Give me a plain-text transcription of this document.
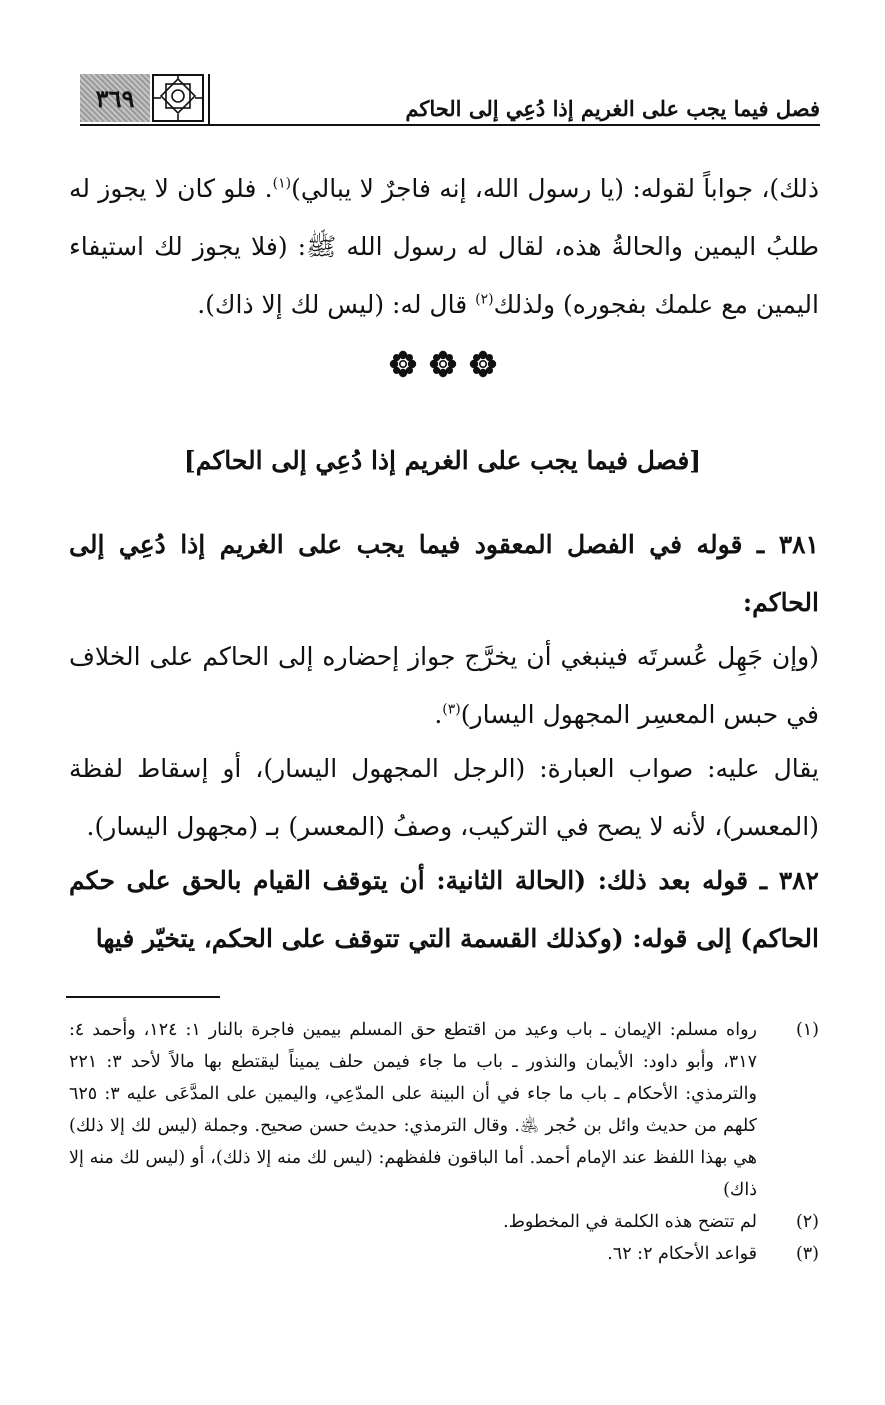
فصل فيما يجب على الغريم إذا دُعِي إلى الحاكم
٣٦٩

ذلك)، جواباً لقوله: (يا رسول الله، إنه فاجرٌ لا يبالي)$^{(١)}$. فلو كان لا يجوز له طلبُ اليمين والحالةُ هذه، لقال له رسول الله ﷺ: (فلا يجوز لك استيفاء اليمين مع علمك بفجوره) ولذلك$^{(٢)}$ قال له: (ليس لك إلا ذاك).

[فصل فيما يجب على الغريم إذا دُعِي إلى الحاكم]

٣٨١ ـ قوله في الفصل المعقود فيما يجب على الغريم إذا دُعِي إلى الحاكم:

(وإن جَهِل عُسرتَه فينبغي أن يخرَّج جواز إحضاره إلى الحاكم على الخلاف في حبس المعسِر المجهول اليسار)$^{(٣)}$.

يقال عليه: صواب العبارة: (الرجل المجهول اليسار)، أو إسقاط لفظة (المعسر)، لأنه لا يصح في التركيب، وصفُ (المعسر) بـ (مجهول اليسار).

٣٨٢ ـ قوله بعد ذلك: (الحالة الثانية: أن يتوقف القيام بالحق على حكم الحاكم) إلى قوله: (وكذلك القسمة التي تتوقف على الحكم، يتخيّر فيها

(١)
رواه مسلم: الإيمان ـ باب وعيد من اقتطع حق المسلم بيمين فاجرة بالنار ١: ١٢٤، وأحمد ٤: ٣١٧، وأبو داود: الأيمان والنذور ـ باب ما جاء فيمن حلف يميناً ليقتطع بها مالاً لأحد ٣: ٢٢١ والترمذي: الأحكام ـ باب ما جاء في أن البينة على المدّعِي، واليمين على المدَّعَى عليه ٣: ٦٢٥ كلهم من حديث وائل بن حُجر ﵁. وقال الترمذي: حديث حسن صحيح. وجملة (ليس لك إلا ذلك) هي بهذا اللفظ عند الإمام أحمد. أما الباقون فلفظهم: (ليس لك منه إلا ذلك)، أو (ليس لك منه إلا ذاك)

(٢)
لم تتضح هذه الكلمة في المخطوط.

(٣)
قواعد الأحكام ٢: ٦٢.
